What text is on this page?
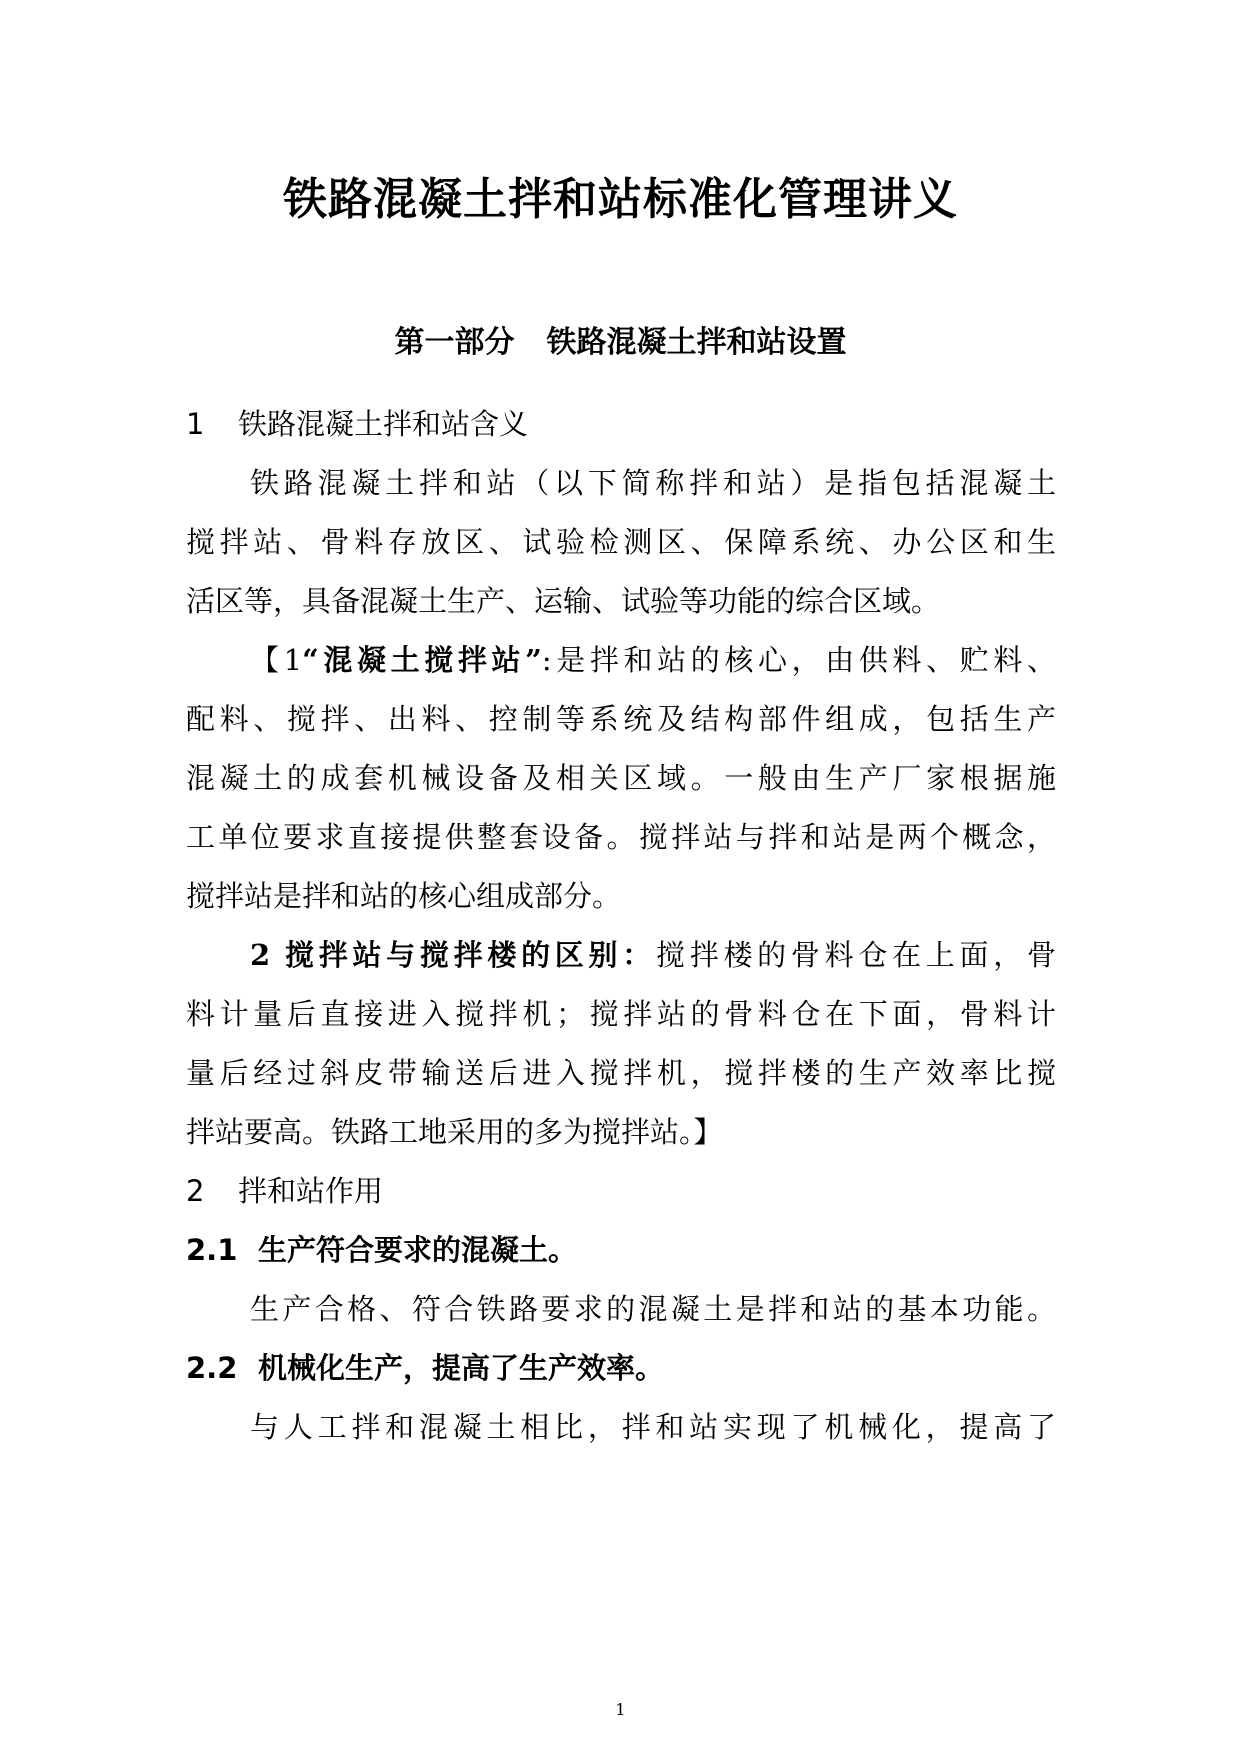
铁路混凝土拌和站标准化管理讲义
第一部分 铁路混凝土拌和站设置
1 铁路混凝土拌和站含义
铁路混凝土拌和站（以下简称拌和站）是指包括混凝土
搅拌站、骨料存放区、试验检测区、保障系统、办公区和生
活区等，具备混凝土生产、运输、试验等功能的综合区域。
【1“混凝土搅拌站”:是拌和站的核心，由供料、贮料、
配料、搅拌、出料、控制等系统及结构部件组成，包括生产
混凝土的成套机械设备及相关区域。一般由生产厂家根据施
工单位要求直接提供整套设备。搅拌站与拌和站是两个概念，
搅拌站是拌和站的核心组成部分。
2 搅拌站与搅拌楼的区别：搅拌楼的骨料仓在上面，骨
料计量后直接进入搅拌机；搅拌站的骨料仓在下面，骨料计
量后经过斜皮带输送后进入搅拌机，搅拌楼的生产效率比搅
拌站要高。铁路工地采用的多为搅拌站。】
2 拌和站作用
2.1 生产符合要求的混凝土。
生产合格、符合铁路要求的混凝土是拌和站的基本功能。
2.2 机械化生产，提高了生产效率。
与人工拌和混凝土相比，拌和站实现了机械化，提高了
1
